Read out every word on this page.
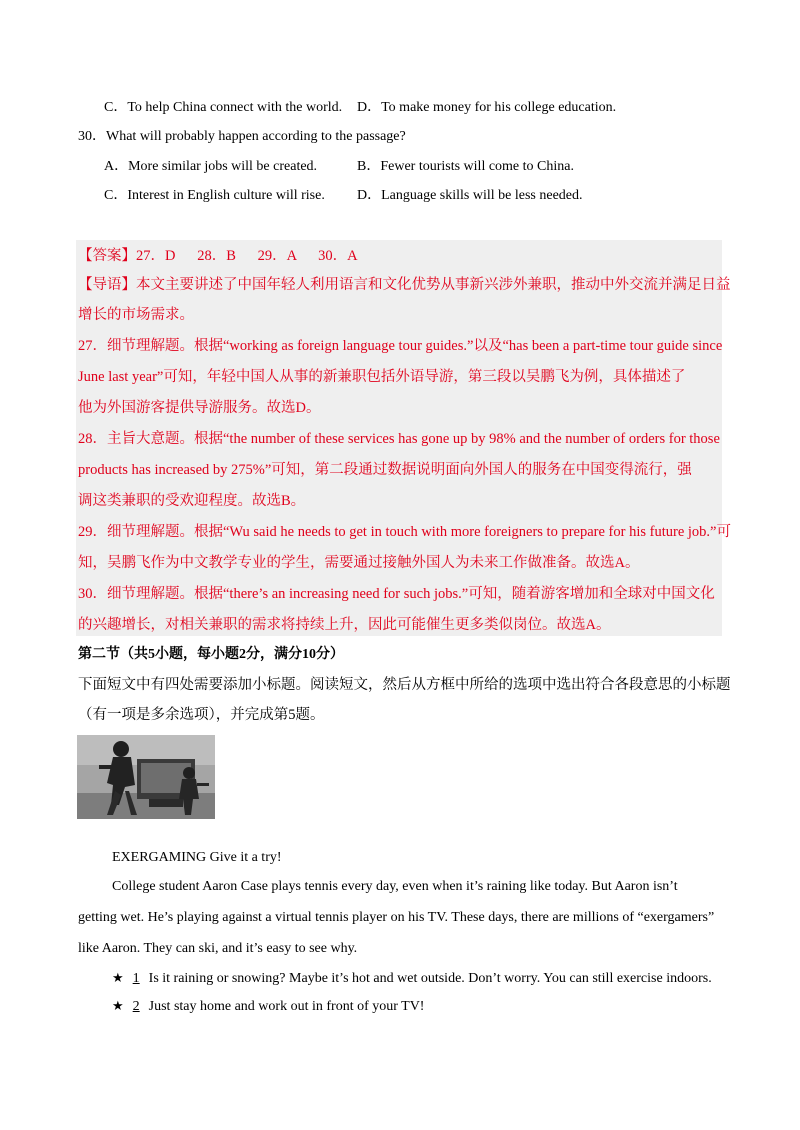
C．To help China connect with the world. D．To make money for his college education.
30．What will probably happen according to the passage?
A．More similar jobs will be created.	B．Fewer tourists will come to China.
C．Interest in English culture will rise. D．Language skills will be less needed.
【答案】27．D      28．B      29．A      30．A
【导语】本文主要讲述了中国年轻人利用语言和文化优势从事新兴涉外兼职，推动中外交流并满足日益
增长的市场需求。
27．细节理解题。根据“working as foreign language tour guides.”以及“has been a part-time tour guide since
June last year”可知，年轻中国人从事的新兼职包括外语导游，第三段以吴鹏飞为例，具体描述了
他为外国游客提供导游服务。故选D。
28．主旨大意题。根据“the number of these services has gone up by 98% and the number of orders for those
products has increased by 275%”可知，第二段通过数据说明面向外国人的服务在中国变得流行，强
调这类兼职的受欢迎程度。故选B。
29．细节理解题。根据“Wu said he needs to get in touch with more foreigners to prepare for his future job.”可
知，吴鹏飞作为中文教学专业的学生，需要通过接触外国人为未来工作做准备。故选A。
30．细节理解题。根据“there’s an increasing need for such jobs.”可知，随着游客增加和全球对中国文化
的兴趣增长，对相关兼职的需求将持续上升，因此可能催生更多类似岗位。故选A。
第二节（共5小题，每小题2分，满分10分）
下面短文中有四处需要添加小标题。阅读短文，然后从方框中所给的选项中选出符合各段意思的小标题
（有一项是多余选项），并完成第5题。
EXERGAMING Give it a try!
College student Aaron Case plays tennis every day, even when it’s raining like today. But Aaron isn’t
getting wet. He’s playing against a virtual tennis player on his TV. These days, there are millions of “exergamers”
like Aaron. They can ski, and it’s easy to see why.
★ 1 Is it raining or snowing? Maybe it’s hot and wet outside. Don’t worry. You can still exercise indoors.
★ 2 Just stay home and work out in front of your TV!
